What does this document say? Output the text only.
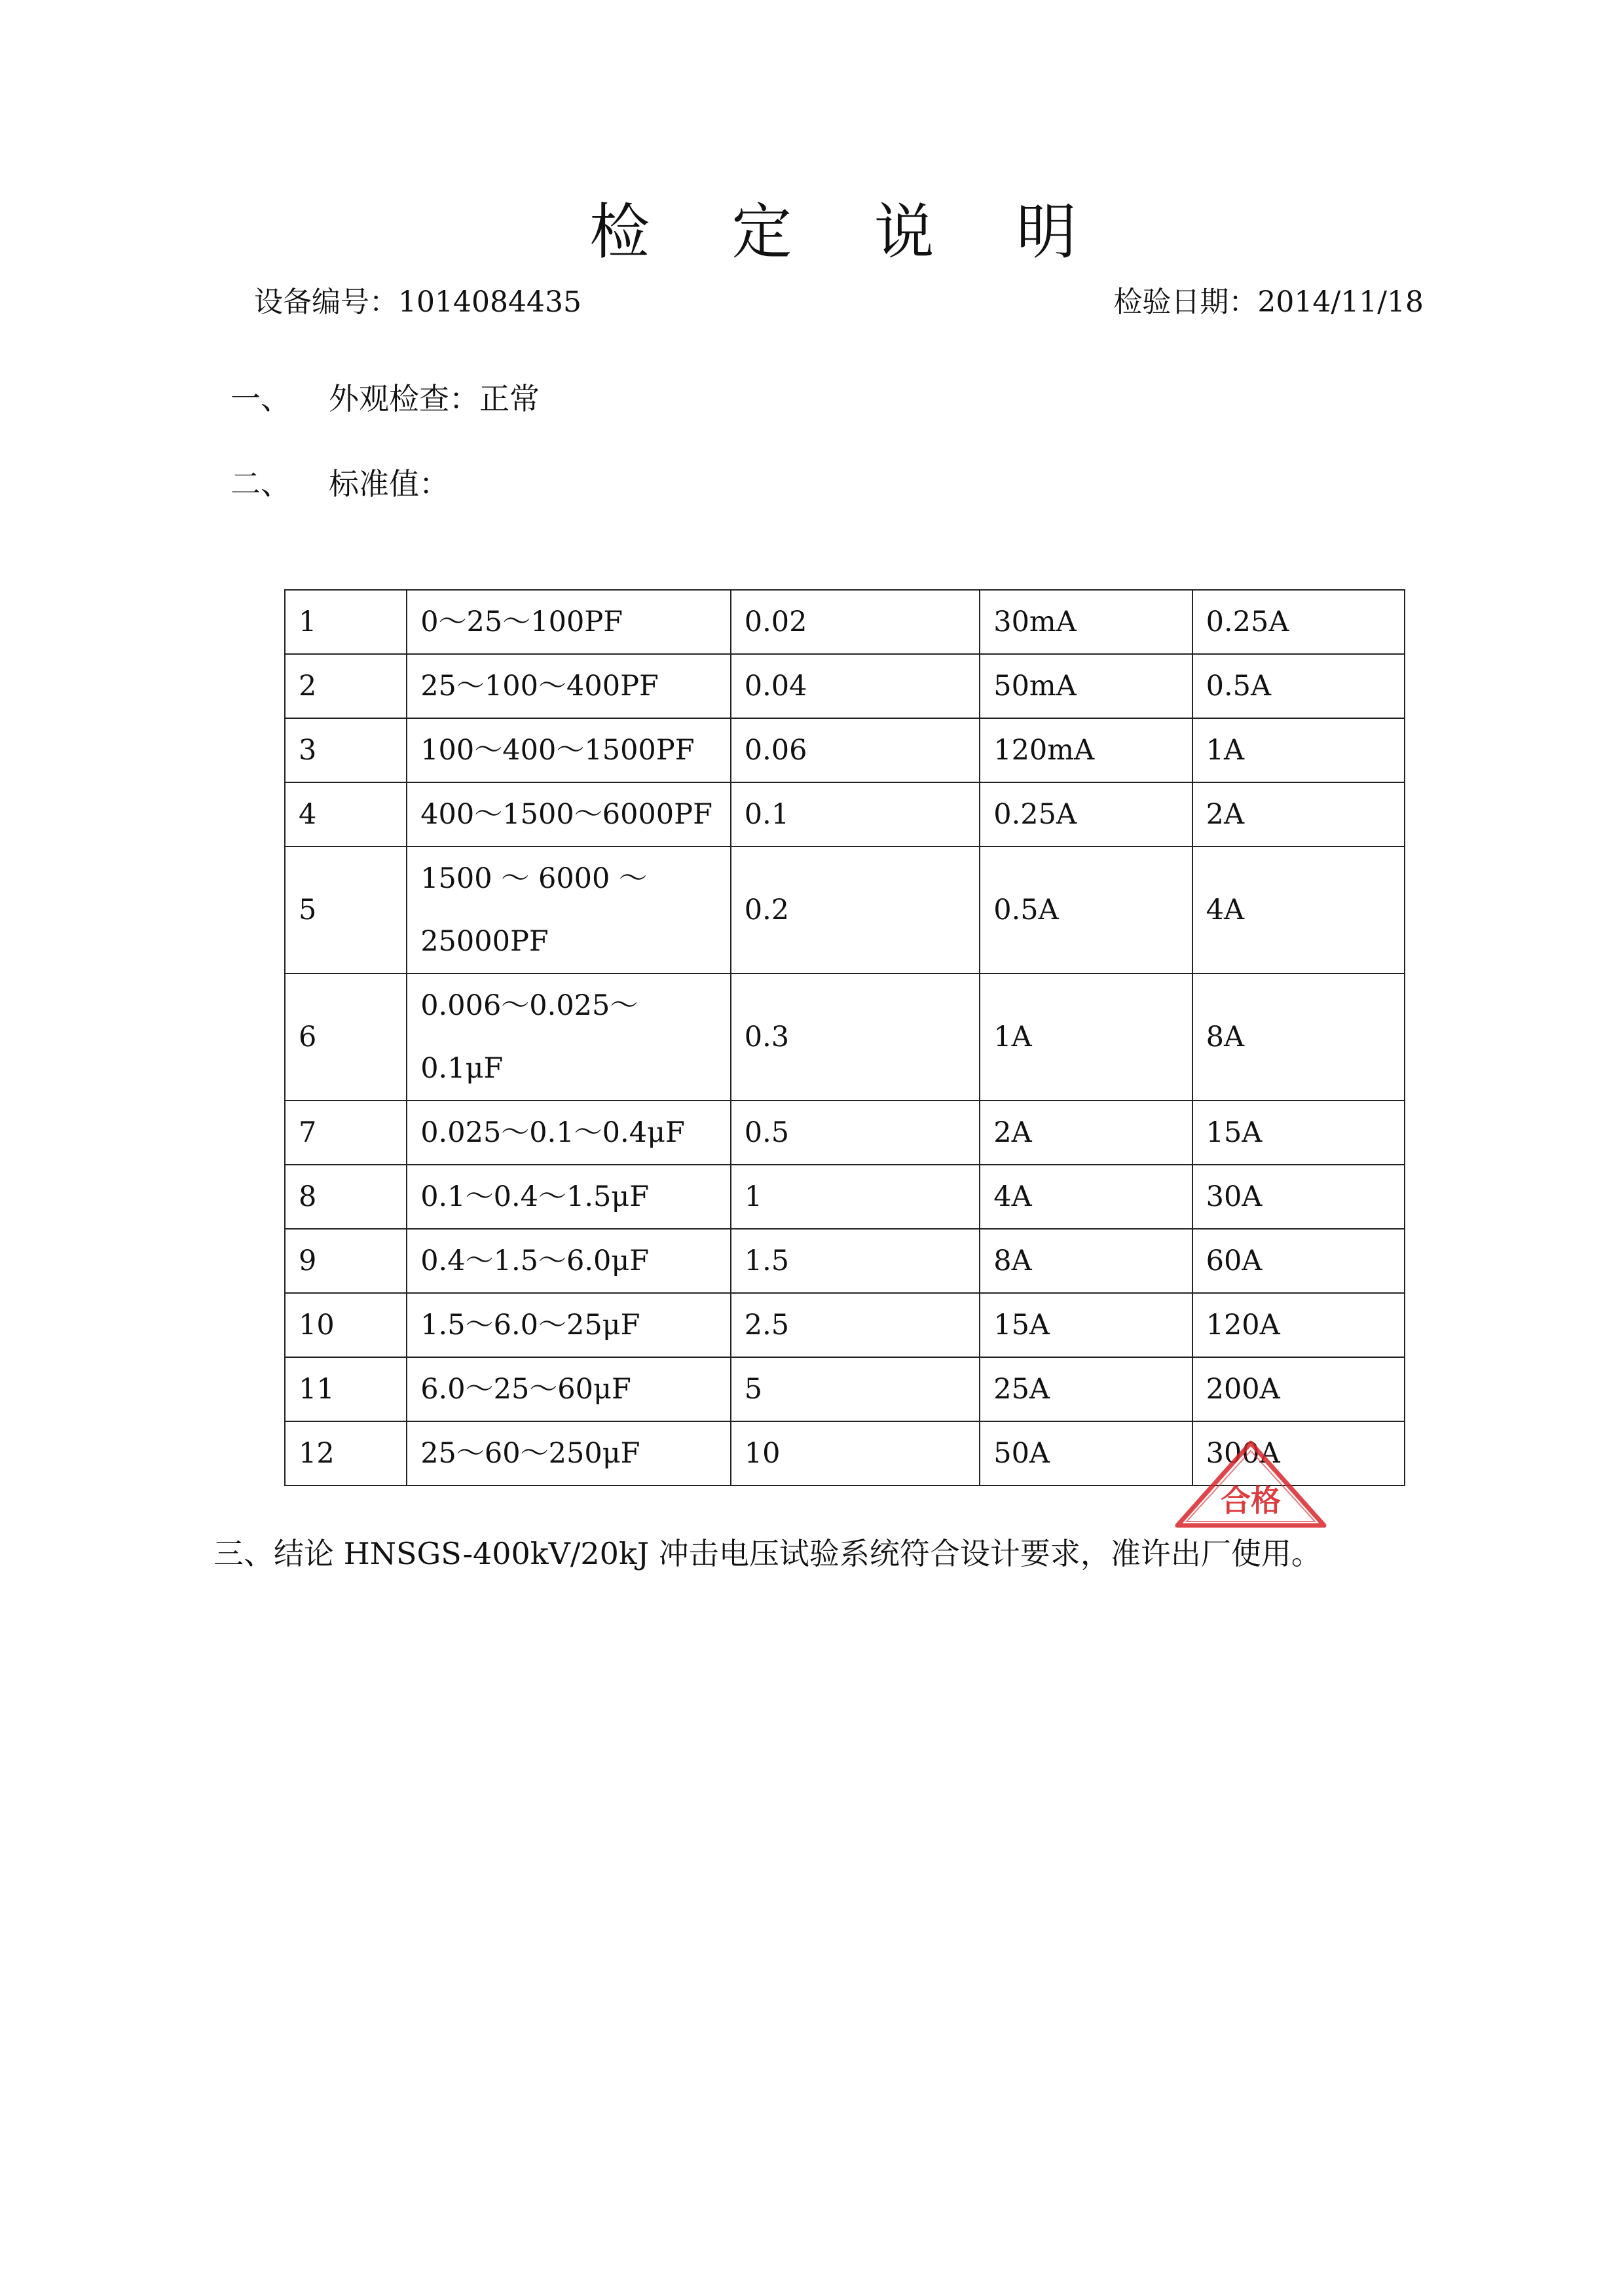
检 定 说 明
设备编号：1014084435	检验日期：2014/11/18
一、 外观检查：正常
二、 标准值：
1	0～25～100PF	0.02	30mA	0.25A
2	25～100～400PF	0.04	50mA	0.5A
3	100～400～1500PF	0.06	120mA	1A
4	400～1500～6000PF	0.1	0.25A	2A
5	1500 ～ 6000 ～ 25000PF	0.2	0.5A	4A
6	0.006～0.025～0.1μF	0.3	1A	8A
7	0.025～0.1～0.4μF	0.5	2A	15A
8	0.1～0.4～1.5μF	1	4A	30A
9	0.4～1.5～6.0μF	1.5	8A	60A
10	1.5～6.0～25μF	2.5	15A	120A
11	6.0～25～60μF	5	25A	200A
12	25～60～250μF	10	50A	300A
三、结论 HNSGS-400kV/20kJ 冲击电压试验系统符合设计要求，准许出厂使用。
合格
